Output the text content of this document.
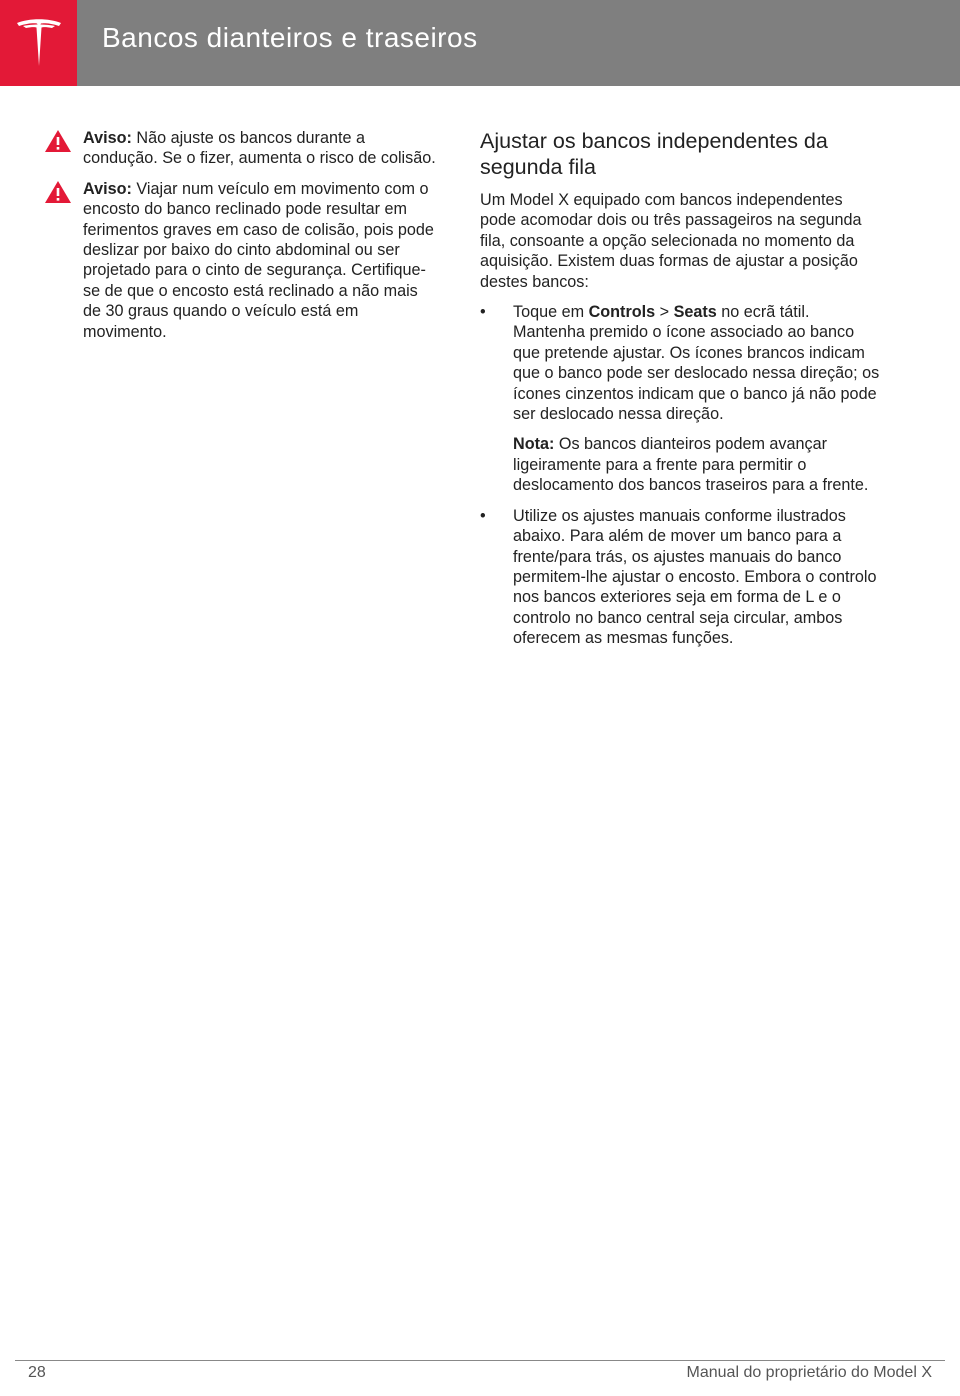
Bancos dianteiros e traseiros
Aviso: Não ajuste os bancos durante a condução. Se o fizer, aumenta o risco de colisão.
Aviso: Viajar num veículo em movimento com o encosto do banco reclinado pode resultar em ferimentos graves em caso de colisão, pois pode deslizar por baixo do cinto abdominal ou ser projetado para o cinto de segurança. Certifique-se de que o encosto está reclinado a não mais de 30 graus quando o veículo está em movimento.
Ajustar os bancos independentes da segunda fila

Um Model X equipado com bancos independentes pode acomodar dois ou três passageiros na segunda fila, consoante a opção selecionada no momento da aquisição. Existem duas formas de ajustar a posição destes bancos:

• Toque em Controls > Seats no ecrã tátil. Mantenha premido o ícone associado ao banco que pretende ajustar. Os ícones brancos indicam que o banco pode ser deslocado nessa direção; os ícones cinzentos indicam que o banco já não pode ser deslocado nessa direção.
Nota: Os bancos dianteiros podem avançar ligeiramente para a frente para permitir o deslocamento dos bancos traseiros para a frente.
• Utilize os ajustes manuais conforme ilustrados abaixo. Para além de mover um banco para a frente/para trás, os ajustes manuais do banco permitem-lhe ajustar o encosto. Embora o controlo nos bancos exteriores seja em forma de L e o controlo no banco central seja circular, ambos oferecem as mesmas funções.
28	Manual do proprietário do Model X
